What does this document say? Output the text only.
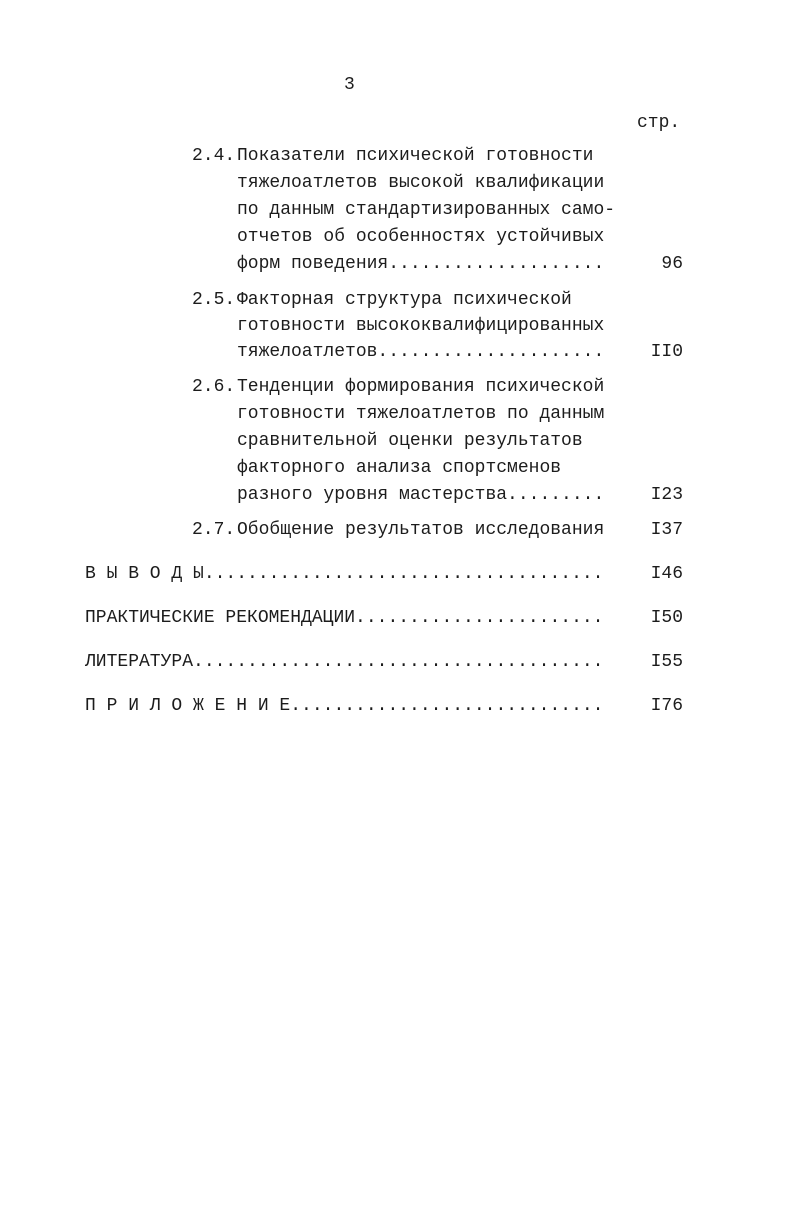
3
стр.
2.4. Показатели психической готовности
тяжелоатлетов высокой квалификации
по данным стандартизированных само-
отчетов об особенностях устойчивых
форм поведения....................	96
2.5. Факторная структура психической
готовности высококвалифицированных
тяжелоатлетов.....................	II0
2.6. Тенденции формирования психической
готовности тяжелоатлетов по данным
сравнительной оценки результатов
факторного анализа спортсменов
разного уровня мастерства.........	I23
2.7. Обобщение результатов исследования	I37
В Ы В О Д Ы.....................................	I46
ПРАКТИЧЕСКИЕ РЕКОМЕНДАЦИИ.......................	I50
ЛИТЕРАТУРА......................................	I55
П Р И Л О Ж Е Н И Е.............................	I76
